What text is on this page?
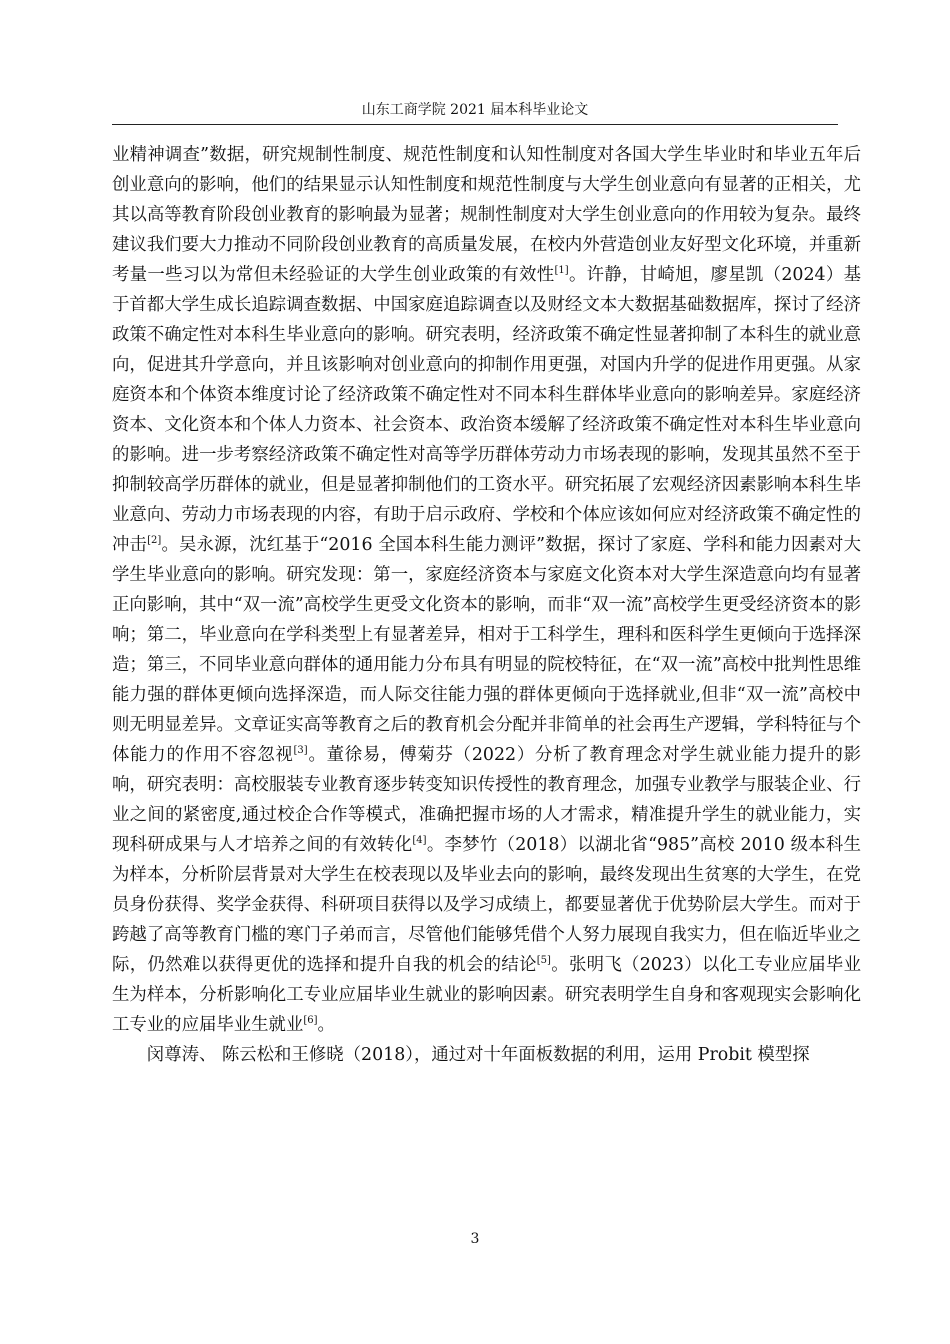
山东工商学院 2021 届本科毕业论文

业精神调查”数据，研究规制性制度、规范性制度和认知性制度对各国大学生毕业时和毕业五年后创业意向的影响，他们的结果显示认知性制度和规范性制度与大学生创业意向有显著的正相关，尤其以高等教育阶段创业教育的影响最为显著；规制性制度对大学生创业意向的作用较为复杂。最终建议我们要大力推动不同阶段创业教育的高质量发展，在校内外营造创业友好型文化环境，并重新考量一些习以为常但未经验证的大学生创业政策的有效性[1]。许静，甘崎旭，廖星凯（2024）基于首都大学生成长追踪调查数据、中国家庭追踪调查以及财经文本大数据基础数据库，探讨了经济政策不确定性对本科生毕业意向的影响。研究表明，经济政策不确定性显著抑制了本科生的就业意向，促进其升学意向，并且该影响对创业意向的抑制作用更强，对国内升学的促进作用更强。从家庭资本和个体资本维度讨论了经济政策不确定性对不同本科生群体毕业意向的影响差异。家庭经济资本、文化资本和个体人力资本、社会资本、政治资本缓解了经济政策不确定性对本科生毕业意向的影响。进一步考察经济政策不确定性对高等学历群体劳动力市场表现的影响，发现其虽然不至于抑制较高学历群体的就业，但是显著抑制他们的工资水平。研究拓展了宏观经济因素影响本科生毕业意向、劳动力市场表现的内容，有助于启示政府、学校和个体应该如何应对经济政策不确定性的冲击[2]。吴永源，沈红基于“2016 全国本科生能力测评”数据，探讨了家庭、学科和能力因素对大学生毕业意向的影响。研究发现：第一，家庭经济资本与家庭文化资本对大学生深造意向均有显著正向影响，其中“双一流”高校学生更受文化资本的影响，而非“双一流”高校学生更受经济资本的影响；第二，毕业意向在学科类型上有显著差异，相对于工科学生，理科和医科学生更倾向于选择深造；第三，不同毕业意向群体的通用能力分布具有明显的院校特征，在“双一流”高校中批判性思维能力强的群体更倾向选择深造，而人际交往能力强的群体更倾向于选择就业,但非“双一流”高校中则无明显差异。文章证实高等教育之后的教育机会分配并非简单的社会再生产逻辑，学科特征与个体能力的作用不容忽视[3]。董徐易，傅菊芬（2022）分析了教育理念对学生就业能力提升的影响，研究表明：高校服装专业教育逐步转变知识传授性的教育理念，加强专业教学与服装企业、行业之间的紧密度,通过校企合作等模式，准确把握市场的人才需求，精准提升学生的就业能力，实现科研成果与人才培养之间的有效转化[4]。李梦竹（2018）以湖北省“985”高校 2010 级本科生为样本，分析阶层背景对大学生在校表现以及毕业去向的影响，最终发现出生贫寒的大学生，在党员身份获得、奖学金获得、科研项目获得以及学习成绩上，都要显著优于优势阶层大学生。而对于跨越了高等教育门槛的寒门子弟而言，尽管他们能够凭借个人努力展现自我实力，但在临近毕业之际，仍然难以获得更优的选择和提升自我的机会的结论[5]。张明飞（2023）以化工专业应届毕业生为样本，分析影响化工专业应届毕业生就业的影响因素。研究表明学生自身和客观现实会影响化工专业的应届毕业生就业[6]。

闵尊涛、 陈云松和王修晓（2018），通过对十年面板数据的利用，运用 Probit 模型探

3
